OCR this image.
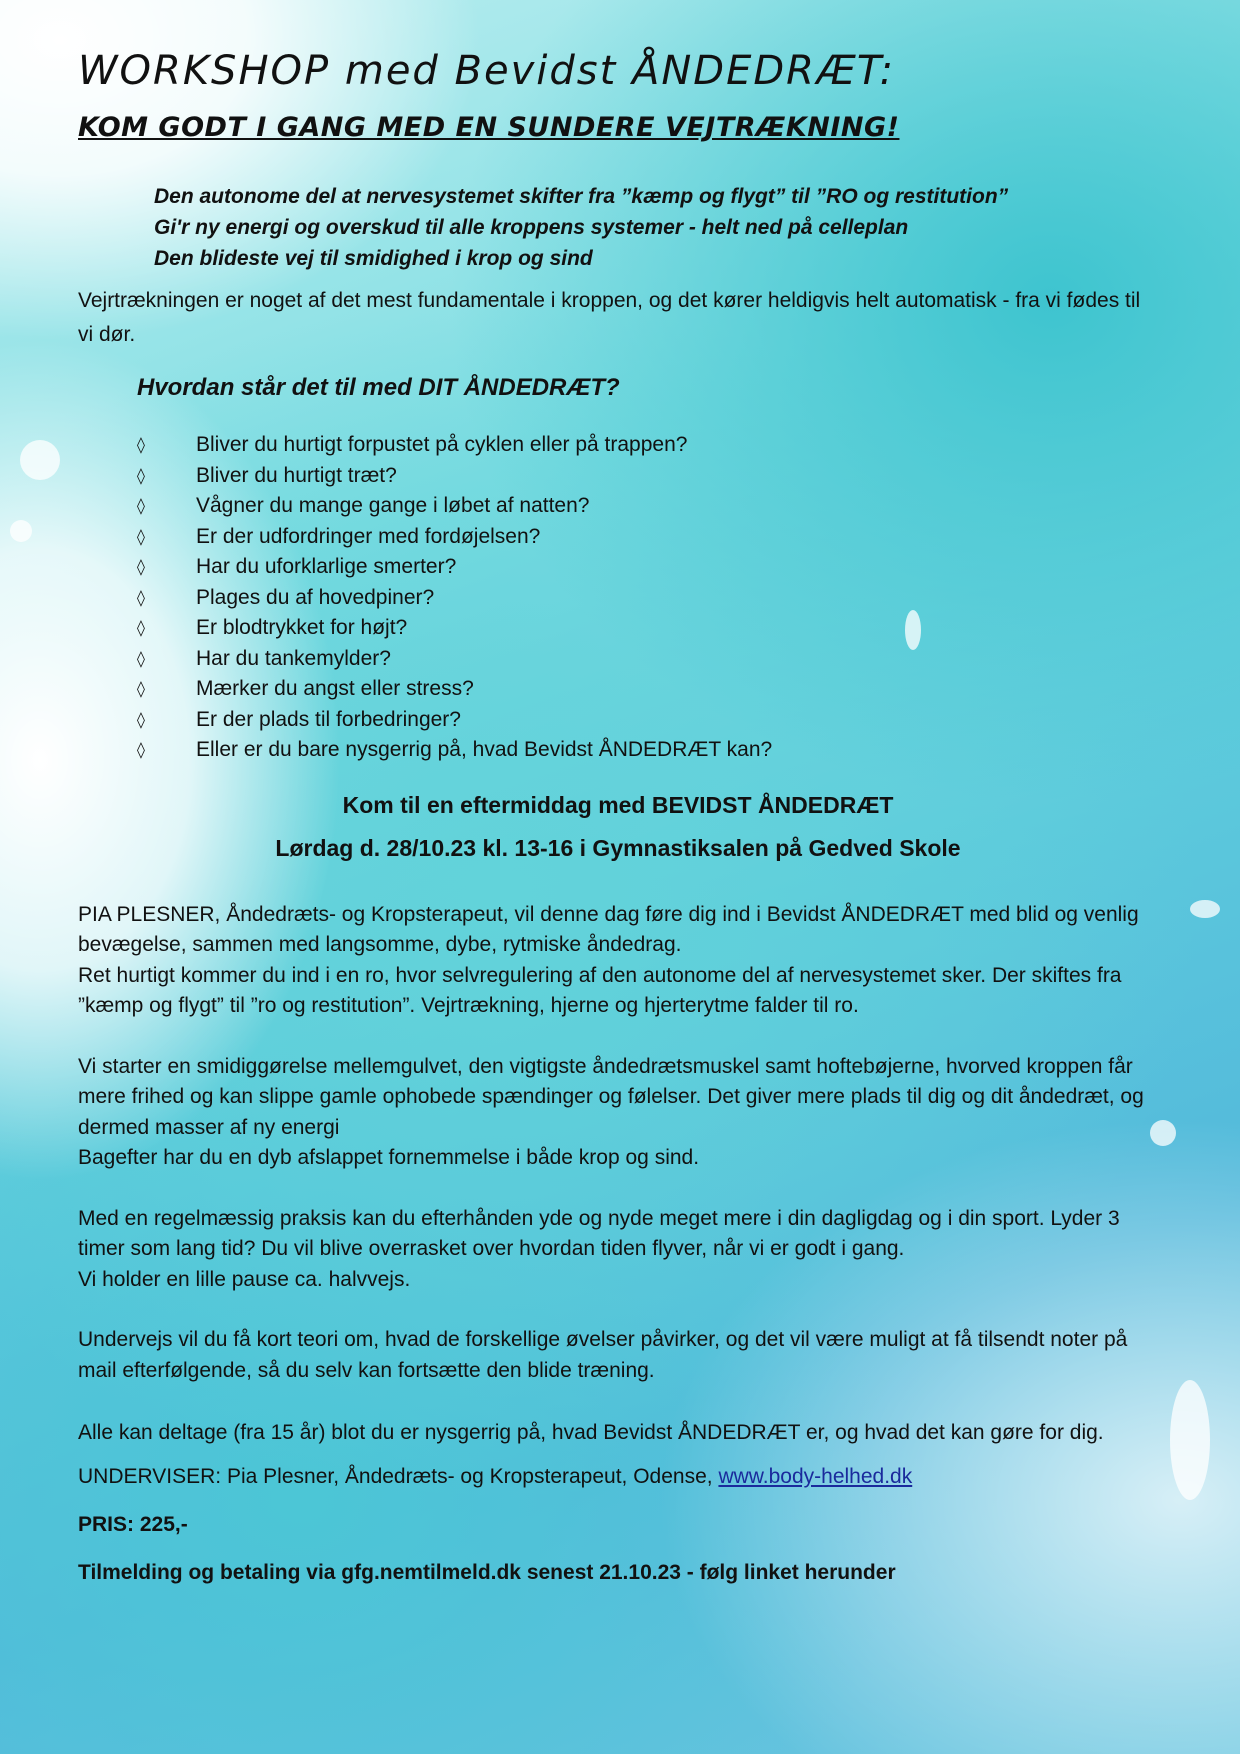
WORKSHOP med Bevidst ÅNDEDRÆT:
KOM GODT I GANG MED EN SUNDERE VEJTRÆKNING!
Den autonome del at nervesystemet skifter fra ”kæmp og flygt” til ”RO og restitution”
Gi'r ny energi og overskud til alle kroppens systemer - helt ned på celleplan
Den blideste vej til smidighed i krop og sind

Vejrtrækningen er noget af det mest fundamentale i kroppen, og det kører heldigvis helt automatisk - fra vi fødes til vi dør.

Hvordan står det til med DIT ÅNDEDRÆT?
◊	Bliver du hurtigt forpustet på cyklen eller på trappen?
◊	Bliver du hurtigt træt?
◊	Vågner du mange gange i løbet af natten?
◊	Er der udfordringer med fordøjelsen?
◊	Har du uforklarlige smerter?
◊	Plages du af hovedpiner?
◊	Er blodtrykket for højt?
◊	Har du tankemylder?
◊	Mærker du angst eller stress?
◊	Er der plads til forbedringer?
◊	Eller er du bare nysgerrig på, hvad Bevidst ÅNDEDRÆT kan?
Kom til en eftermiddag med BEVIDST ÅNDEDRÆT
Lørdag d. 28/10.23 kl. 13-16 i Gymnastiksalen på Gedved Skole

PIA PLESNER, Åndedræts- og Kropsterapeut, vil denne dag føre dig ind i Bevidst ÅNDEDRÆT med blid og venlig bevægelse, sammen med langsomme, dybe, rytmiske åndedrag.

Ret hurtigt kommer du ind i en ro, hvor selvregulering af den autonome del af nervesystemet sker. Der skiftes fra ”kæmp og flygt” til ”ro og restitution”. Vejrtrækning, hjerne og hjerterytme falder til ro.

Vi starter en smidiggørelse mellemgulvet, den vigtigste åndedrætsmuskel samt hoftebøjerne, hvorved kroppen får mere frihed og kan slippe gamle ophobede spændinger og følelser. Det giver mere plads til dig og dit åndedræt, og dermed masser af ny energi

Bagefter har du en dyb afslappet fornemmelse i både krop og sind.

Med en regelmæssig praksis kan du efterhånden yde og nyde meget mere i din dagligdag og i din sport. Lyder 3 timer som lang tid? Du vil blive overrasket over hvordan tiden flyver, når vi er godt i gang.

Vi holder en lille pause ca. halvvejs.

Undervejs vil du få kort teori om, hvad de forskellige øvelser påvirker, og det vil være muligt at få tilsendt noter på mail efterfølgende, så du selv kan fortsætte den blide træning.

Alle kan deltage (fra 15 år) blot du er nysgerrig på, hvad Bevidst ÅNDEDRÆT er, og hvad det kan gøre for dig.

UNDERVISER: Pia Plesner, Åndedræts- og Kropsterapeut, Odense, www.body-helhed.dk

PRIS: 225,-

Tilmelding og betaling via gfg.nemtilmeld.dk senest 21.10.23 - følg linket herunder
